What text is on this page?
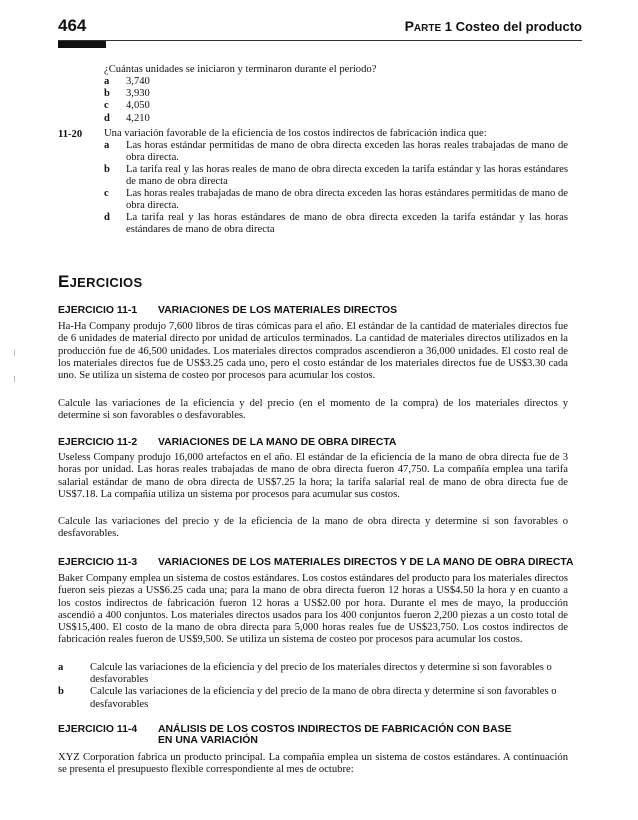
464	Parte 1 Costeo del producto
¿Cuántas unidades se iniciaron y terminaron durante el periodo?
a	3,740
b	3,930
c	4,050
d	4,210
11-20 Una variación favorable de la eficiencia de los costos indirectos de fabricación indica que:
a	Las horas estándar permitidas de mano de obra directa exceden las horas reales trabajadas de mano de obra directa.
b	La tarifa real y las horas reales de mano de obra directa exceden la tarifa estándar y las horas estándares de mano de obra directa
c	Las horas reales trabajadas de mano de obra directa exceden las horas estándares permitidas de mano de obra directa.
d	La tarifa real y las horas estándares de mano de obra directa exceden la tarifa estándar y las horas estándares de mano de obra directa
EJERCICIOS
EJERCICIO 11-1 VARIACIONES DE LOS MATERIALES DIRECTOS
Ha-Ha Company produjo 7,600 libros de tiras cómicas para el año. El estándar de la cantidad de materiales directos fue de 6 unidades de material directo por unidad de artículos terminados. La cantidad de materiales directos utilizados en la producción fue de 46,500 unidades. Los materiales directos comprados ascendieron a 36,000 unidades. El costo real de los materiales directos fue de US$3.25 cada uno, pero el costo estándar de los materiales directos fue de US$3.30 cada uno. Se utiliza un sistema de costeo por procesos para acumular los costos.
Calcule las variaciones de la eficiencia y del precio (en el momento de la compra) de los materiales directos y determine si son favorables o desfavorables.
EJERCICIO 11-2 VARIACIONES DE LA MANO DE OBRA DIRECTA
Useless Company produjo 16,000 artefactos en el año. El estándar de la eficiencia de la mano de obra directa fue de 3 horas por unidad. Las horas reales trabajadas de mano de obra directa fueron 47,750. La compañía emplea una tarifa salarial estándar de mano de obra directa de US$7.25 la hora; la tarifa salarial real de mano de obra directa fue de US$7.18. La compañía utiliza un sistema por procesos para acumular sus costos.
Calcule las variaciones del precio y de la eficiencia de la mano de obra directa y determine si son favorables o desfavorables.
EJERCICIO 11-3 VARIACIONES DE LOS MATERIALES DIRECTOS Y DE LA MANO DE OBRA DIRECTA
Baker Company emplea un sistema de costos estándares. Los costos estándares del producto para los materiales directos fueron seis piezas a US$6.25 cada una; para la mano de obra directa fueron 12 horas a US$4.50 la hora y en cuanto a los costos indirectos de fabricación fueron 12 horas a US$2.00 por hora. Durante el mes de mayo, la producción ascendió a 400 conjuntos. Los materiales directos usados para los 400 conjuntos fueron 2,200 piezas a un costo total de US$15,400. El costo de la mano de obra directa para 5,000 horas reales fue de US$23,750. Los costos indirectos de fabricación reales fueron de US$9,500. Se utiliza un sistema de costeo por procesos para acumular los costos.
a	Calcule las variaciones de la eficiencia y del precio de los materiales directos y determine si son favorables o desfavorables
b	Calcule las variaciones de la eficiencia y del precio de la mano de obra directa y determine si son favorables o desfavorables
EJERCICIO 11-4 ANÁLISIS DE LOS COSTOS INDIRECTOS DE FABRICACIÓN CON BASE
EN UNA VARIACIÓN
XYZ Corporation fabrica un producto principal. La compañía emplea un sistema de costos estándares. A continuación se presenta el presupuesto flexible correspondiente al mes de octubre:
